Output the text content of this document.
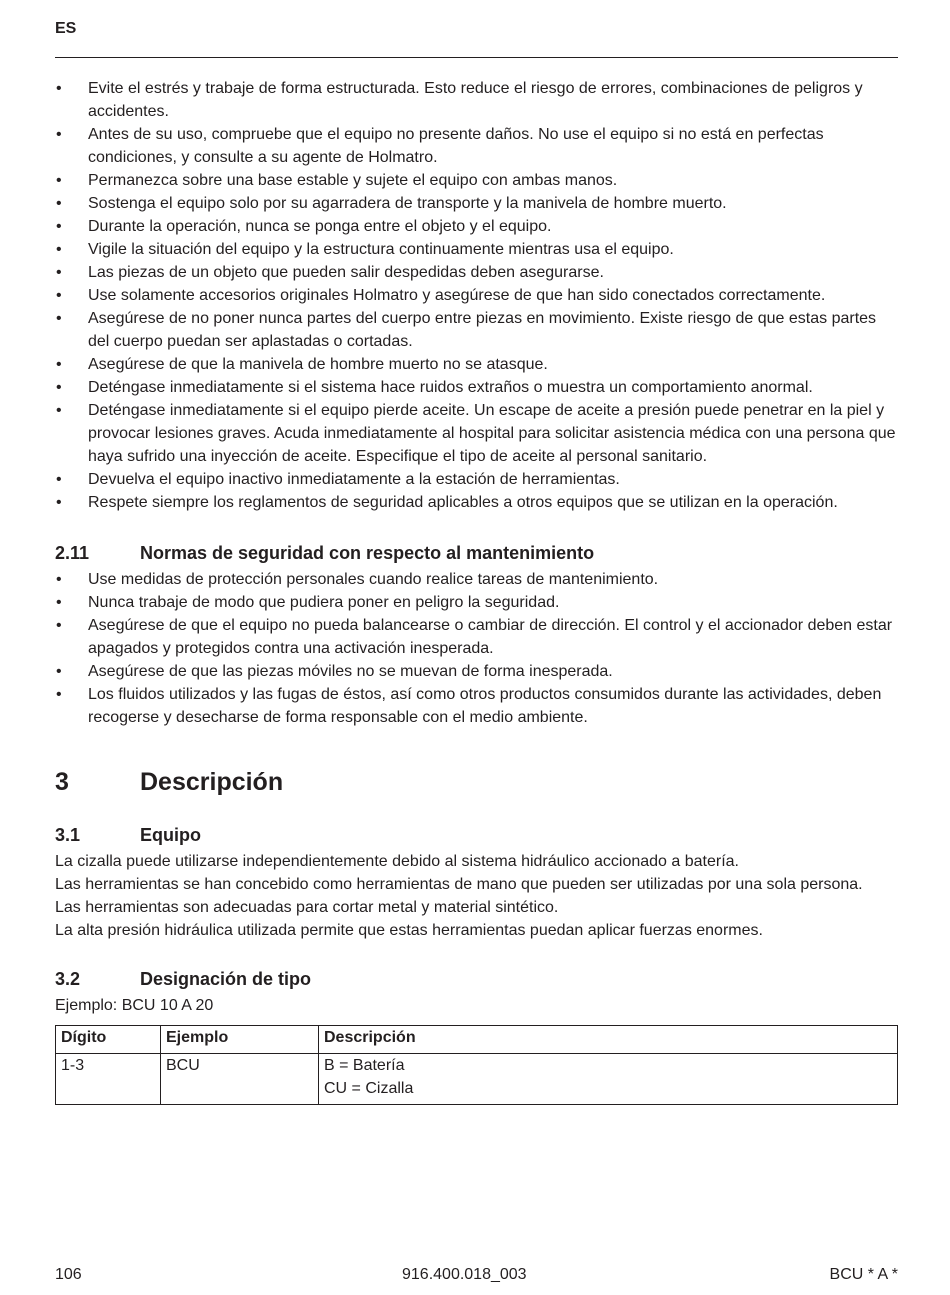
ES
• Evite el estrés y trabaje de forma estructurada. Esto reduce el riesgo de errores, combinaciones de peligros y accidentes.
• Antes de su uso, compruebe que el equipo no presente daños. No use el equipo si no está en perfectas condiciones, y consulte a su agente de Holmatro.
• Permanezca sobre una base estable y sujete el equipo con ambas manos.
• Sostenga el equipo solo por su agarradera de transporte y la manivela de hombre muerto.
• Durante la operación, nunca se ponga entre el objeto y el equipo.
• Vigile la situación del equipo y la estructura continuamente mientras usa el equipo.
• Las piezas de un objeto que pueden salir despedidas deben asegurarse.
• Use solamente accesorios originales Holmatro y asegúrese de que han sido conectados correctamente.
• Asegúrese de no poner nunca partes del cuerpo entre piezas en movimiento. Existe riesgo de que estas partes del cuerpo puedan ser aplastadas o cortadas.
• Asegúrese de que la manivela de hombre muerto no se atasque.
• Deténgase inmediatamente si el sistema hace ruidos extraños o muestra un comportamiento anormal.
• Deténgase inmediatamente si el equipo pierde aceite. Un escape de aceite a presión puede penetrar en la piel y provocar lesiones graves. Acuda inmediatamente al hospital para solicitar asistencia médica con una persona que haya sufrido una inyección de aceite. Especifique el tipo de aceite al personal sanitario.
• Devuelva el equipo inactivo inmediatamente a la estación de herramientas.
• Respete siempre los reglamentos de seguridad aplicables a otros equipos que se utilizan en la operación.
2.11	Normas de seguridad con respecto al mantenimiento
• Use medidas de protección personales cuando realice tareas de mantenimiento.
• Nunca trabaje de modo que pudiera poner en peligro la seguridad.
• Asegúrese de que el equipo no pueda balancearse o cambiar de dirección. El control y el accionador deben estar apagados y protegidos contra una activación inesperada.
• Asegúrese de que las piezas móviles no se muevan de forma inesperada.
• Los fluidos utilizados y las fugas de éstos, así como otros productos consumidos durante las actividades, deben recogerse y desecharse de forma responsable con el medio ambiente.
3	Descripción
3.1	Equipo
La cizalla puede utilizarse independientemente debido al sistema hidráulico accionado a batería.
Las herramientas se han concebido como herramientas de mano que pueden ser utilizadas por una sola persona.
Las herramientas son adecuadas para cortar metal y material sintético.
La alta presión hidráulica utilizada permite que estas herramientas puedan aplicar fuerzas enormes.
3.2	Designación de tipo
Ejemplo: BCU 10 A 20
Dígito	Ejemplo	Descripción
1-3	BCU	B = Batería
CU = Cizalla
106	916.400.018_003	BCU * A *
